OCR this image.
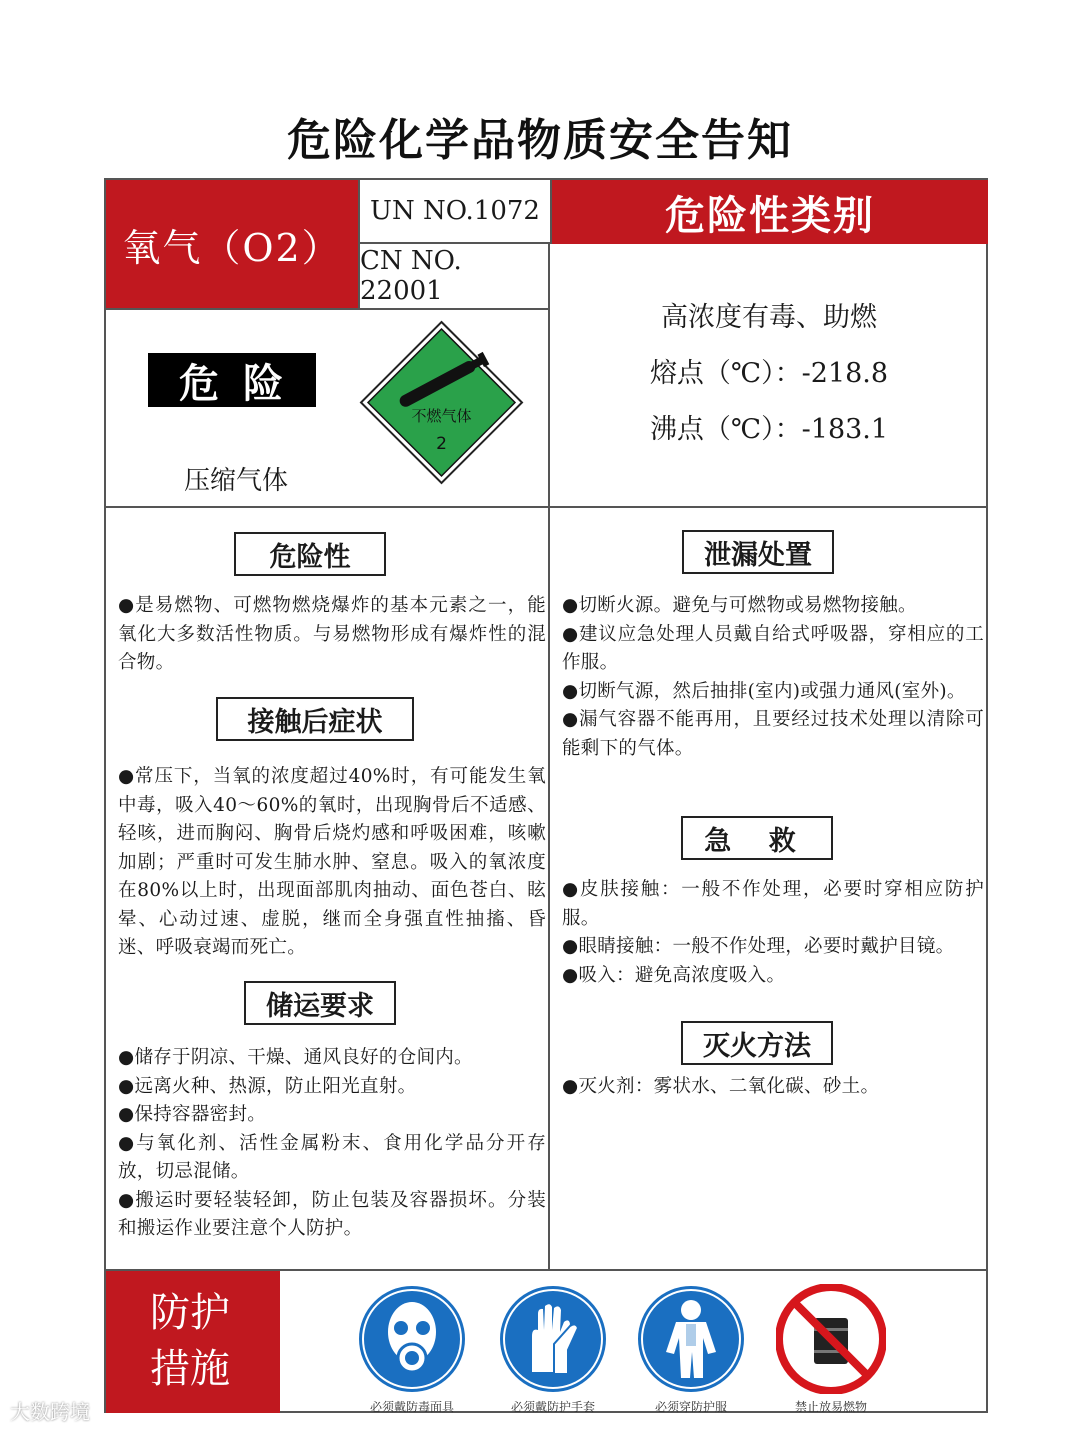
危险化学品物质安全告知
氧气（O2）
UN NO.1072
CN NO. 22001
危险性类别
危险
压缩气体
不燃气体
2
高浓度有毒、助燃
熔点（℃）：-218.8
沸点（℃）：-183.1
危险性
●是易燃物、可燃物燃烧爆炸的基本元素之一，能氧化大多数活性物质。与易燃物形成有爆炸性的混合物。
接触后症状
●常压下，当氧的浓度超过40%时，有可能发生氧中毒，吸入40～60%的氧时，出现胸骨后不适感、轻咳，进而胸闷、胸骨后烧灼感和呼吸困难，咳嗽加剧；严重时可发生肺水肿、窒息。吸入的氧浓度在80%以上时，出现面部肌肉抽动、面色苍白、眩晕、心动过速、虚脱，继而全身强直性抽搐、昏迷、呼吸衰竭而死亡。
储运要求

●储存于阴凉、干燥、通风良好的仓间内。

●远离火种、热源，防止阳光直射。

●保持容器密封。

●与氧化剂、活性金属粉末、食用化学品分开存放，切忌混储。

●搬运时要轻装轻卸，防止包装及容器损坏。分装和搬运作业要注意个人防护。

泄漏处置

●切断火源。避免与可燃物或易燃物接触。

●建议应急处理人员戴自给式呼吸器，穿相应的工作服。

●切断气源，然后抽排(室内)或强力通风(室外)。

●漏气容器不能再用，且要经过技术处理以清除可能剩下的气体。

急 救

●皮肤接触：一般不作处理，必要时穿相应防护服。

●眼睛接触：一般不作处理，必要时戴护目镜。

●吸入：避免高浓度吸入。

灭火方法

●灭火剂：雾状水、二氧化碳、砂土。

防护
措施
必须戴防毒面具	必须戴防护手套	必须穿防护服	禁止放易燃物
大数跨境
